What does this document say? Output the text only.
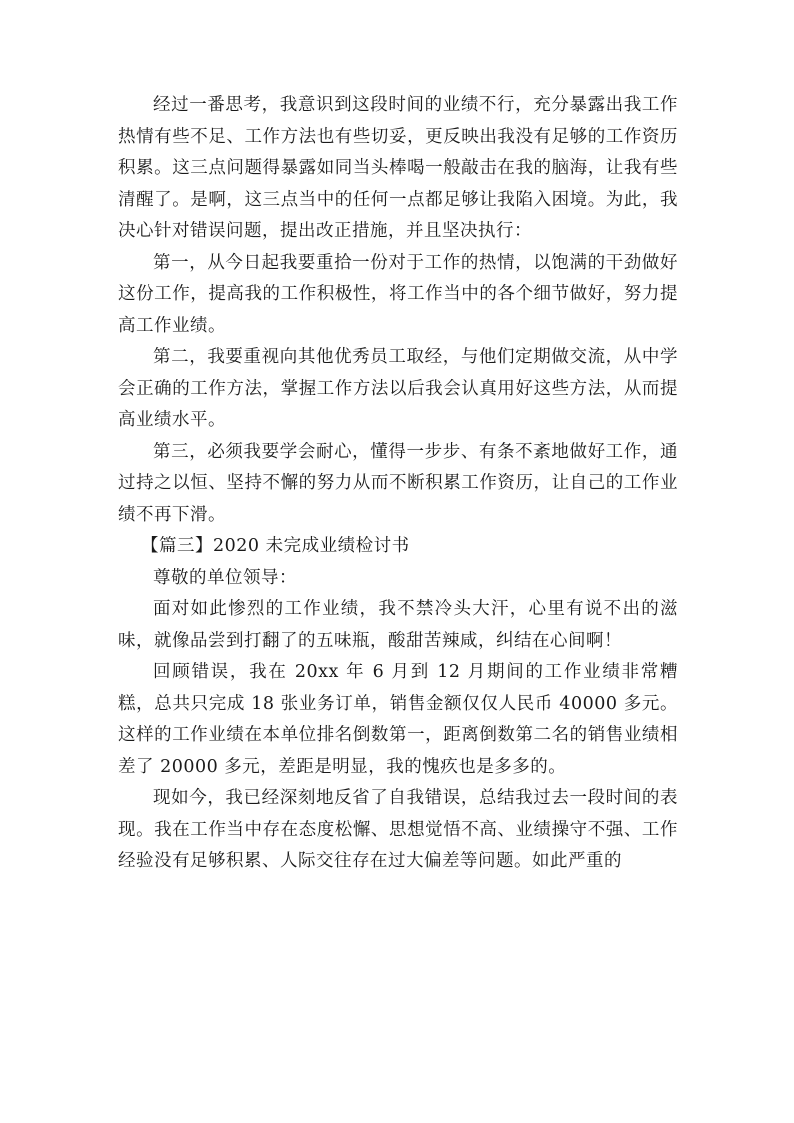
经过一番思考，我意识到这段时间的业绩不行，充分暴露出我工作热情有些不足、工作方法也有些切妥，更反映出我没有足够的工作资历积累。这三点问题得暴露如同当头棒喝一般敲击在我的脑海，让我有些清醒了。是啊，这三点当中的任何一点都足够让我陷入困境。为此，我决心针对错误问题，提出改正措施，并且坚决执行：

第一，从今日起我要重拾一份对于工作的热情，以饱满的干劲做好这份工作，提高我的工作积极性，将工作当中的各个细节做好，努力提高工作业绩。

第二，我要重视向其他优秀员工取经，与他们定期做交流，从中学会正确的工作方法，掌握工作方法以后我会认真用好这些方法，从而提高业绩水平。

第三，必须我要学会耐心，懂得一步步、有条不紊地做好工作，通过持之以恒、坚持不懈的努力从而不断积累工作资历，让自己的工作业绩不再下滑。

【篇三】2020 未完成业绩检讨书

尊敬的单位领导：

面对如此惨烈的工作业绩，我不禁冷头大汗，心里有说不出的滋味，就像品尝到打翻了的五味瓶，酸甜苦辣咸，纠结在心间啊！

回顾错误，我在 20xx 年 6 月到 12 月期间的工作业绩非常糟糕，总共只完成 18 张业务订单，销售金额仅仅人民币 40000 多元。这样的工作业绩在本单位排名倒数第一，距离倒数第二名的销售业绩相差了 20000 多元，差距是明显，我的愧疚也是多多的。

现如今，我已经深刻地反省了自我错误，总结我过去一段时间的表现。我在工作当中存在态度松懈、思想觉悟不高、业绩操守不强、工作经验没有足够积累、人际交往存在过大偏差等问题。如此严重的
